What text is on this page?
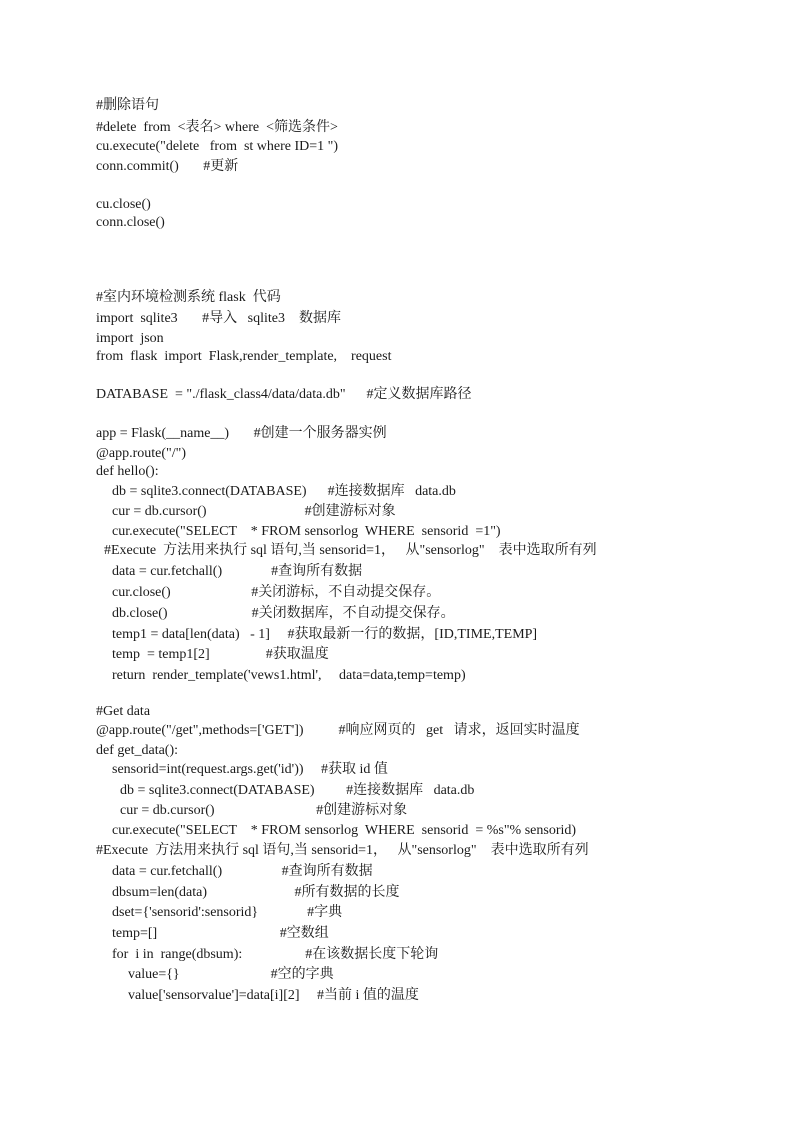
#删除语句
#delete  from  <表名> where  <筛选条件>
cu.execute("delete   from  st where ID=1 ")
conn.commit()       #更新
cu.close()
conn.close()
#室内环境检测系统 flask  代码
import  sqlite3       #导入   sqlite3    数据库
import  json
from  flask  import  Flask,render_template,    request
DATABASE  = "./flask_class4/data/data.db"      #定义数据库路径
app = Flask(__name__)       #创建一个服务器实例
@app.route("/")
def hello():
db = sqlite3.connect(DATABASE)      #连接数据库   data.db
cur = db.cursor()                            #创建游标对象
cur.execute("SELECT    * FROM sensorlog  WHERE  sensorid  =1")
#Execute  方法用来执行 sql 语句,当 sensorid=1，   从"sensorlog"    表中选取所有列
data = cur.fetchall()              #查询所有数据
cur.close()                       #关闭游标，不自动提交保存。
db.close()                        #关闭数据库，不自动提交保存。
temp1 = data[len(data)   - 1]     #获取最新一行的数据，[ID,TIME,TEMP]
temp  = temp1[2]                #获取温度
return  render_template('vews1.html',     data=data,temp=temp)
#Get data
@app.route("/get",methods=['GET'])          #响应网页的   get   请求，返回实时温度
def get_data():
sensorid=int(request.args.get('id'))     #获取 id 值
db = sqlite3.connect(DATABASE)         #连接数据库   data.db
cur = db.cursor()                             #创建游标对象
cur.execute("SELECT    * FROM sensorlog  WHERE  sensorid  = %s"% sensorid)
#Execute  方法用来执行 sql 语句,当 sensorid=1，   从"sensorlog"    表中选取所有列
data = cur.fetchall()                 #查询所有数据
dbsum=len(data)                         #所有数据的长度
dset={'sensorid':sensorid}              #字典
temp=[]                                   #空数组
for  i in  range(dbsum):                  #在该数据长度下轮询
value={}                          #空的字典
value['sensorvalue']=data[i][2]     #当前 i 值的温度
